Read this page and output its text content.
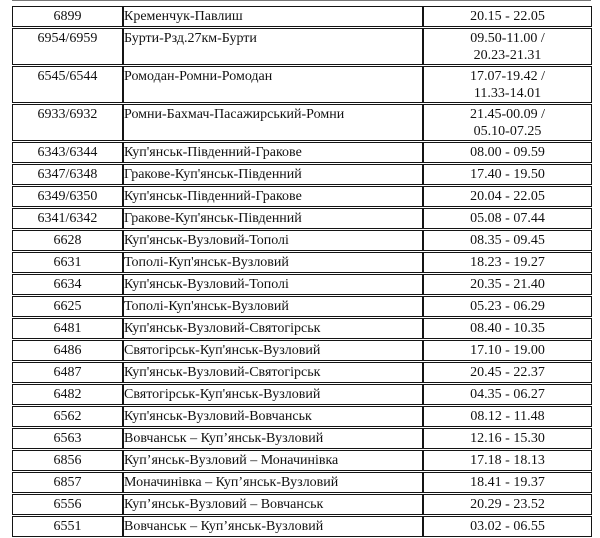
6899	Кременчук-Павлиш	20.15 - 22.05

6954/6959	Бурти-Рзд.27км-Бурти	09.50-11.00 /
20.23-21.31

6545/6544	Ромодан-Ромни-Ромодан	17.07-19.42 /
11.33-14.01

6933/6932	Ромни-Бахмач-Пасажирський-Ромни	21.45-00.09 /
05.10-07.25

6343/6344	Куп'янськ-Південний-Гракове	08.00 - 09.59

6347/6348	Гракове-Куп'янськ-Південний	17.40 - 19.50

6349/6350	Куп'янськ-Південний-Гракове	20.04 - 22.05

6341/6342	Гракове-Куп'янськ-Південний	05.08 - 07.44

6628	Куп'янськ-Вузловий-Тополі	08.35 - 09.45

6631	Тополі-Куп'янськ-Вузловий	18.23 - 19.27

6634	Куп'янськ-Вузловий-Тополі	20.35 - 21.40

6625	Тополі-Куп'янськ-Вузловий	05.23 - 06.29

6481	Куп'янськ-Вузловий-Святогірськ	08.40 - 10.35

6486	Святогірськ-Куп'янськ-Вузловий	17.10 - 19.00

6487	Куп'янськ-Вузловий-Святогірськ	20.45 - 22.37

6482	Святогірськ-Куп'янськ-Вузловий	04.35 - 06.27

6562	Куп'янськ-Вузловий-Вовчанськ	08.12 - 11.48

6563	Вовчанськ – Куп’янськ-Вузловий	12.16 - 15.30

6856	Куп’янськ-Вузловий – Моначинівка	17.18 - 18.13

6857	Моначинівка – Куп’янськ-Вузловий	18.41 - 19.37

6556	Куп’янськ-Вузловий – Вовчанськ	20.29 - 23.52

6551	Вовчанськ – Куп’янськ-Вузловий	03.02 - 06.55
